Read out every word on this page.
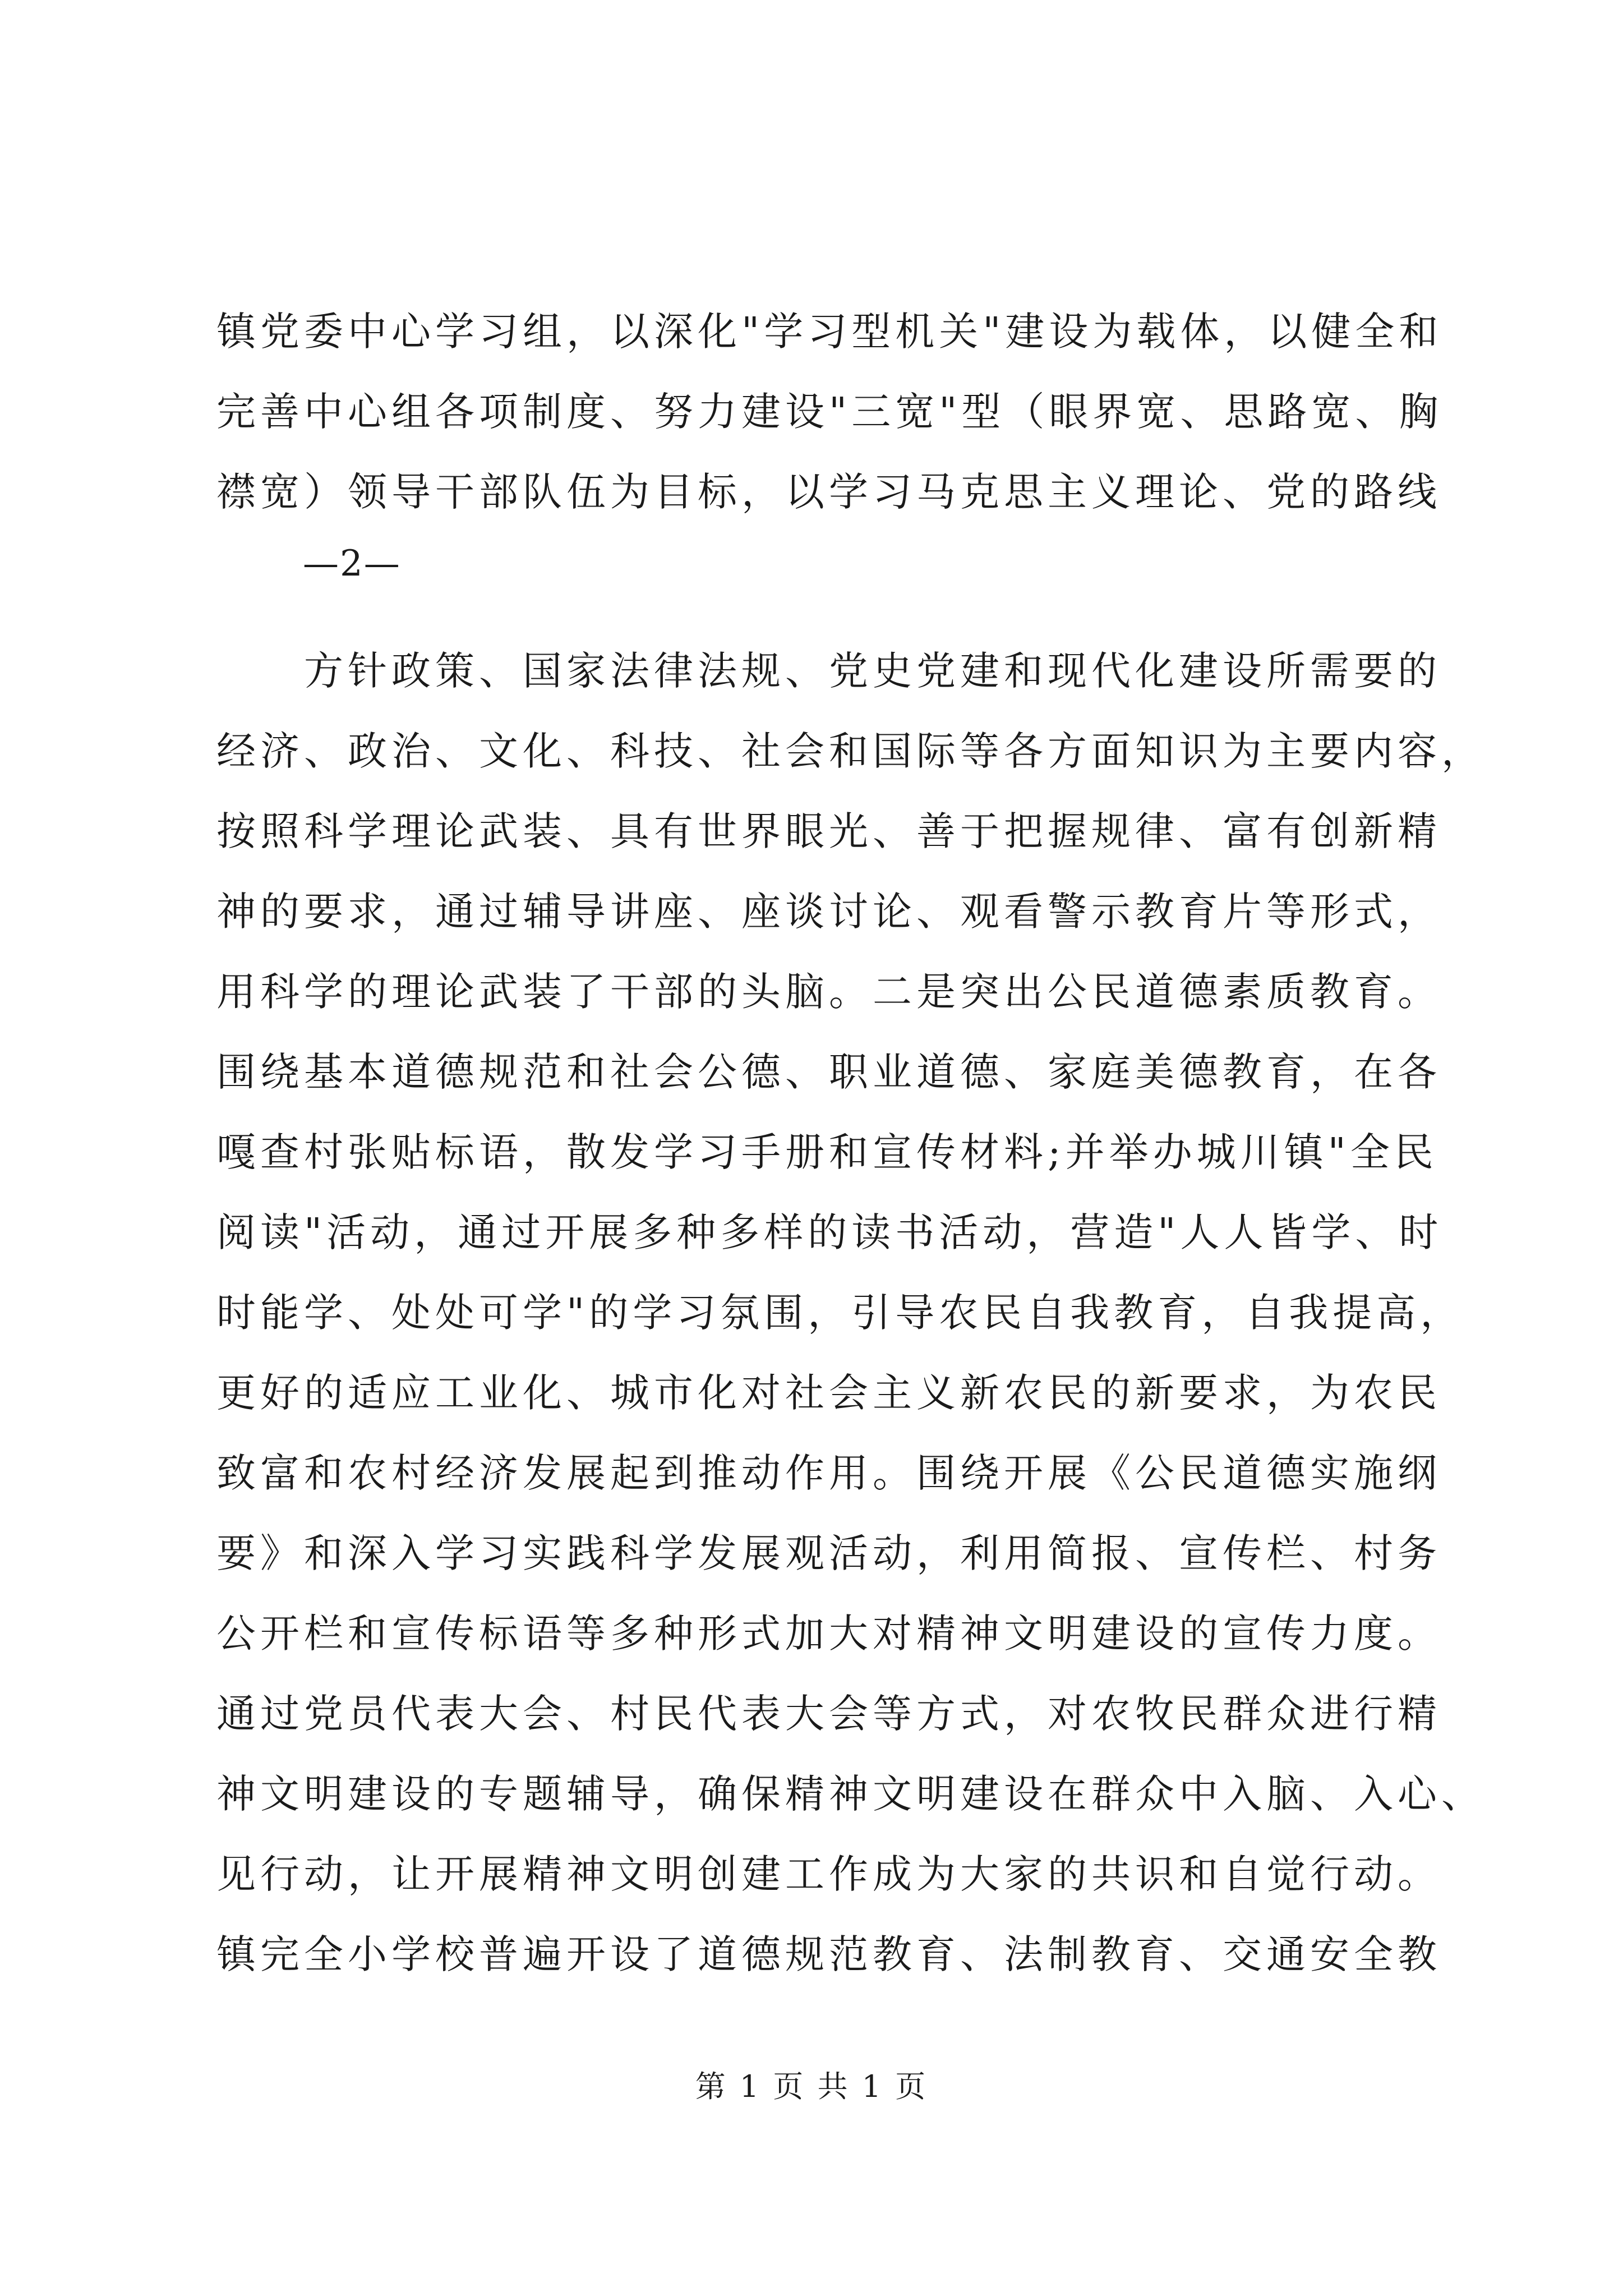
镇党委中心学习组，以深化"学习型机关"建设为载体，以健全和
完善中心组各项制度、努力建设"三宽"型（眼界宽、思路宽、胸
襟宽）领导干部队伍为目标，以学习马克思主义理论、党的路线
—2—
　　方针政策、国家法律法规、党史党建和现代化建设所需要的
经济、政治、文化、科技、社会和国际等各方面知识为主要内容，
按照科学理论武装、具有世界眼光、善于把握规律、富有创新精
神的要求，通过辅导讲座、座谈讨论、观看警示教育片等形式，
用科学的理论武装了干部的头脑。二是突出公民道德素质教育。
围绕基本道德规范和社会公德、职业道德、家庭美德教育，在各
嘎查村张贴标语，散发学习手册和宣传材料;并举办城川镇"全民
阅读"活动，通过开展多种多样的读书活动，营造"人人皆学、时
时能学、处处可学"的学习氛围，引导农民自我教育，自我提高，
更好的适应工业化、城市化对社会主义新农民的新要求，为农民
致富和农村经济发展起到推动作用。围绕开展《公民道德实施纲
要》和深入学习实践科学发展观活动，利用简报、宣传栏、村务
公开栏和宣传标语等多种形式加大对精神文明建设的宣传力度。
通过党员代表大会、村民代表大会等方式，对农牧民群众进行精
神文明建设的专题辅导，确保精神文明建设在群众中入脑、入心、
见行动，让开展精神文明创建工作成为大家的共识和自觉行动。
镇完全小学校普遍开设了道德规范教育、法制教育、交通安全教
第 1 页 共 1 页
